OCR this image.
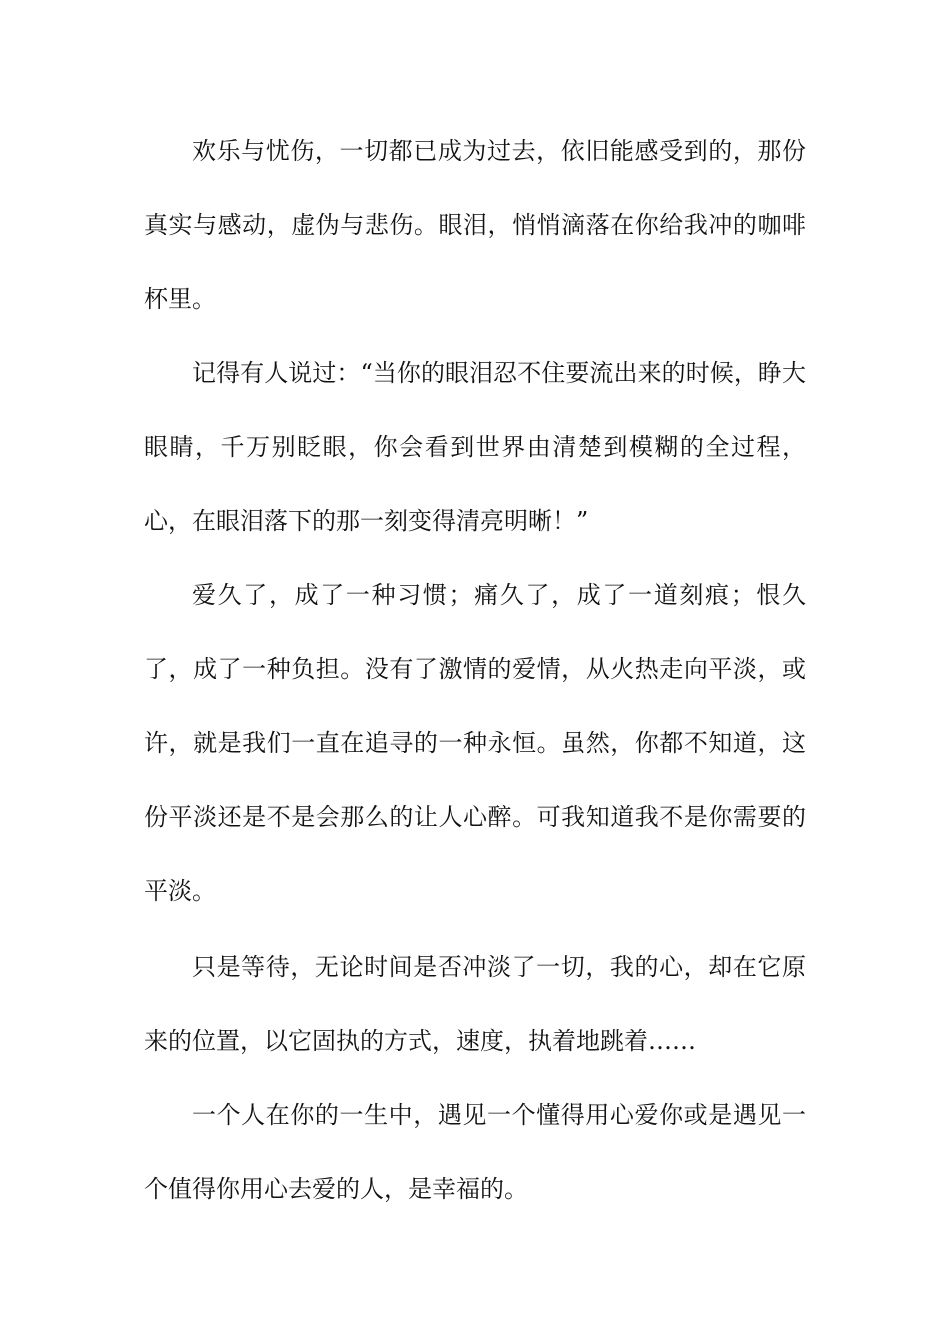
欢乐与忧伤，一切都已成为过去，依旧能感受到的，那份真实与感动，虚伪与悲伤。眼泪，悄悄滴落在你给我冲的咖啡杯里。

记得有人说过：“当你的眼泪忍不住要流出来的时候，睁大眼睛，千万别眨眼，你会看到世界由清楚到模糊的全过程，心，在眼泪落下的那一刻变得清亮明晰！”

爱久了，成了一种习惯；痛久了，成了一道刻痕；恨久了，成了一种负担。没有了激情的爱情，从火热走向平淡，或许，就是我们一直在追寻的一种永恒。虽然，你都不知道，这份平淡还是不是会那么的让人心醉。可我知道我不是你需要的平淡。

只是等待，无论时间是否冲淡了一切，我的心，却在它原来的位置，以它固执的方式，速度，执着地跳着……

一个人在你的一生中，遇见一个懂得用心爱你或是遇见一个值得你用心去爱的人，是幸福的。
